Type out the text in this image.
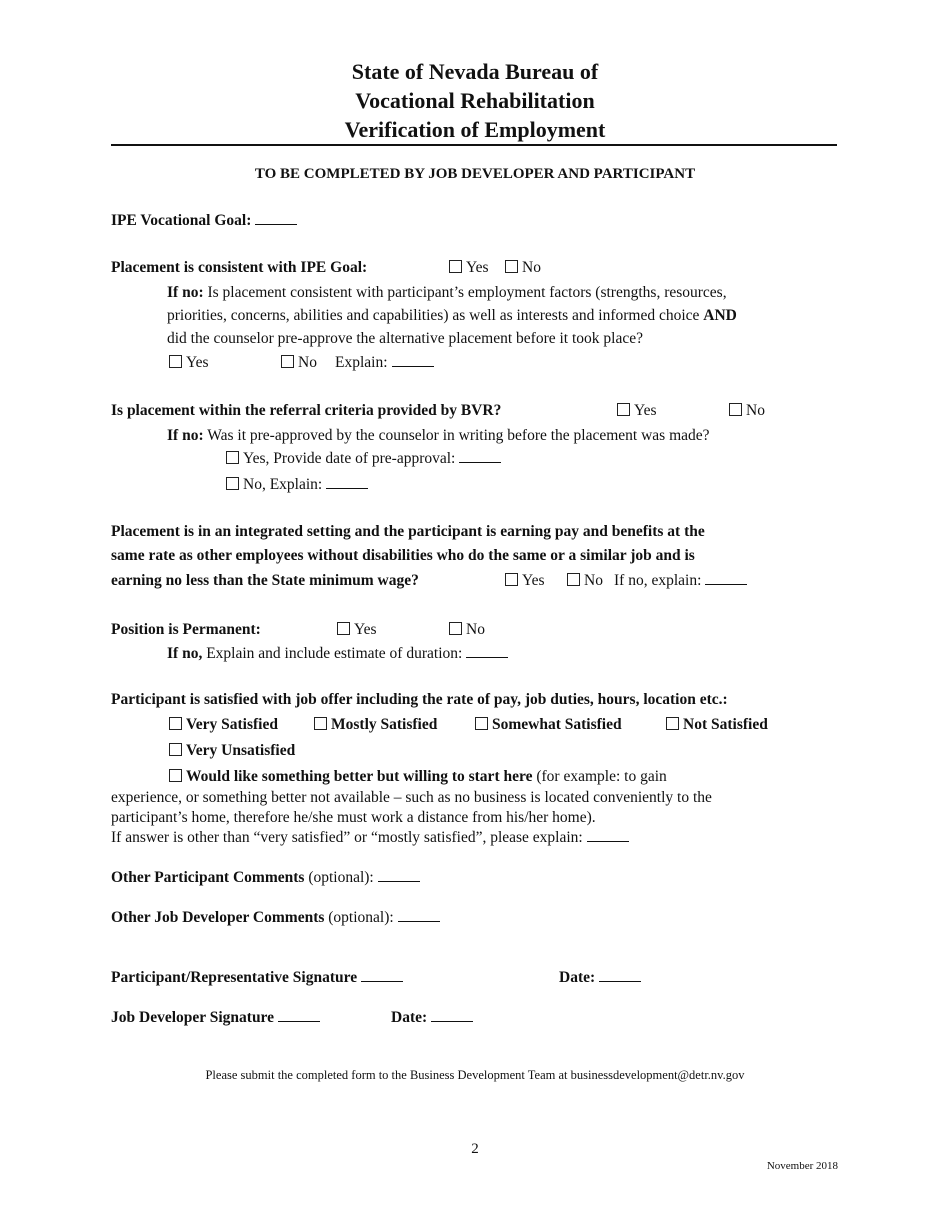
State of Nevada Bureau of
Vocational Rehabilitation
Verification of Employment
TO BE COMPLETED BY JOB DEVELOPER AND PARTICIPANT
IPE Vocational Goal:
Placement is consistent with IPE Goal:	Yes	No
If no: Is placement consistent with participant’s employment factors (strengths, resources,
priorities, concerns, abilities and capabilities) as well as interests and informed choice AND
did the counselor pre-approve the alternative placement before it took place?
Yes	No Explain:
Is placement within the referral criteria provided by BVR?	Yes	No
If no: Was it pre-approved by the counselor in writing before the placement was made?
Yes, Provide date of pre-approval:
No, Explain:
Placement is in an integrated setting and the participant is earning pay and benefits at the
same rate as other employees without disabilities who do the same or a similar job and is
earning no less than the State minimum wage?	Yes	No If no, explain:
Position is Permanent:	Yes	No
If no, Explain and include estimate of duration:
Participant is satisfied with job offer including the rate of pay, job duties, hours, location etc.:
Very Satisfied	Mostly Satisfied	Somewhat Satisfied	Not Satisfied
Very Unsatisfied
Would like something better but willing to start here (for example: to gain
experience, or something better not available – such as no business is located conveniently to the
participant’s home, therefore he/she must work a distance from his/her home).
If answer is other than “very satisfied” or “mostly satisfied”, please explain:
Other Participant Comments (optional):
Other Job Developer Comments (optional):
Participant/Representative Signature	Date:
Job Developer Signature	Date:
Please submit the completed form to the Business Development Team at businessdevelopment@detr.nv.gov
2
November 2018
